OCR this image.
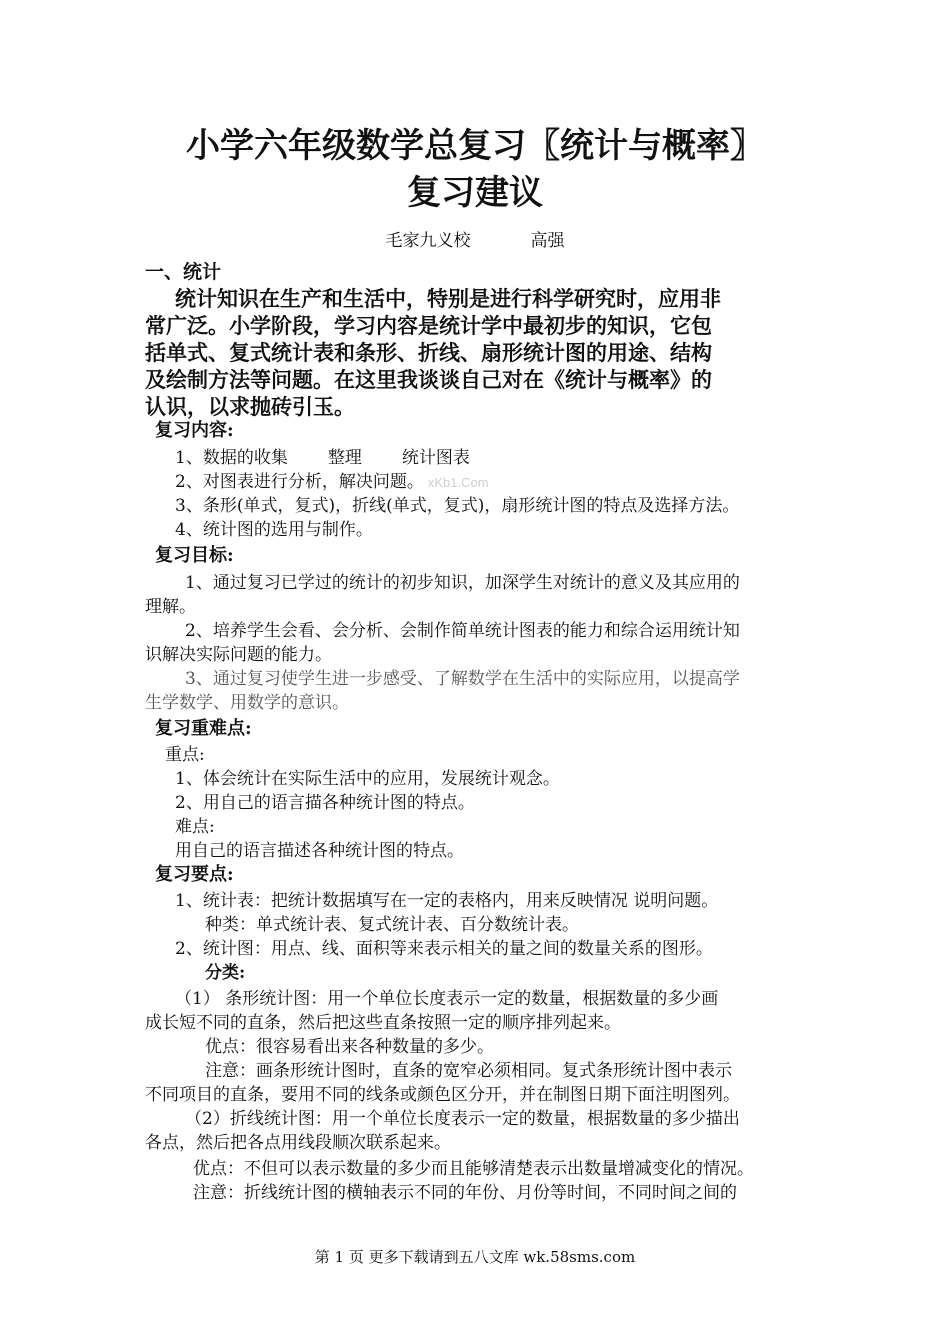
小学六年级数学总复习〖统计与概率〗
复习建议
毛家九义校	高强
一、统计
统计知识在生产和生活中，特别是进行科学研究时，应用非
常广泛。小学阶段，学习内容是统计学中最初步的知识，它包
括单式、复式统计表和条形、折线、扇形统计图的用途、结构
及绘制方法等问题。在这里我谈谈自己对在《统计与概率》的
认识，以求抛砖引玉。
复习内容:
1、数据的收集 整理 统计图表
2、对图表进行分析，解决问题。 xKb1.Com
3、条形(单式，复式)，折线(单式，复式)，扇形统计图的特点及选择方法。
4、统计图的选用与制作。
复习目标:
1、通过复习已学过的统计的初步知识，加深学生对统计的意义及其应用的
理解。
2、培养学生会看、会分析、会制作简单统计图表的能力和综合运用统计知
识解决实际问题的能力。
3、通过复习使学生进一步感受、了解数学在生活中的实际应用，以提高学
生学数学、用数学的意识。
复习重难点:
重点:
1、体会统计在实际生活中的应用，发展统计观念。
2、用自己的语言描各种统计图的特点。
难点:
用自己的语言描述各种统计图的特点。
复习要点:
1、统计表：把统计数据填写在一定的表格内，用来反映情况 说明问题。
种类：单式统计表、复式统计表、百分数统计表。
2、统计图：用点、线、面积等来表示相关的量之间的数量关系的图形。
分类:
（1） 条形统计图：用一个单位长度表示一定的数量，根据数量的多少画
成长短不同的直条，然后把这些直条按照一定的顺序排列起来。
优点：很容易看出来各种数量的多少。
注意：画条形统计图时，直条的宽窄必须相同。复式条形统计图中表示
不同项目的直条，要用不同的线条或颜色区分开，并在制图日期下面注明图列。
（2）折线统计图：用一个单位长度表示一定的数量，根据数量的多少描出
各点，然后把各点用线段顺次联系起来。
优点：不但可以表示数量的多少而且能够清楚表示出数量增减变化的情况。
注意：折线统计图的横轴表示不同的年份、月份等时间，不同时间之间的
第 1 页 更多下载请到五八文库 wk.58sms.com
